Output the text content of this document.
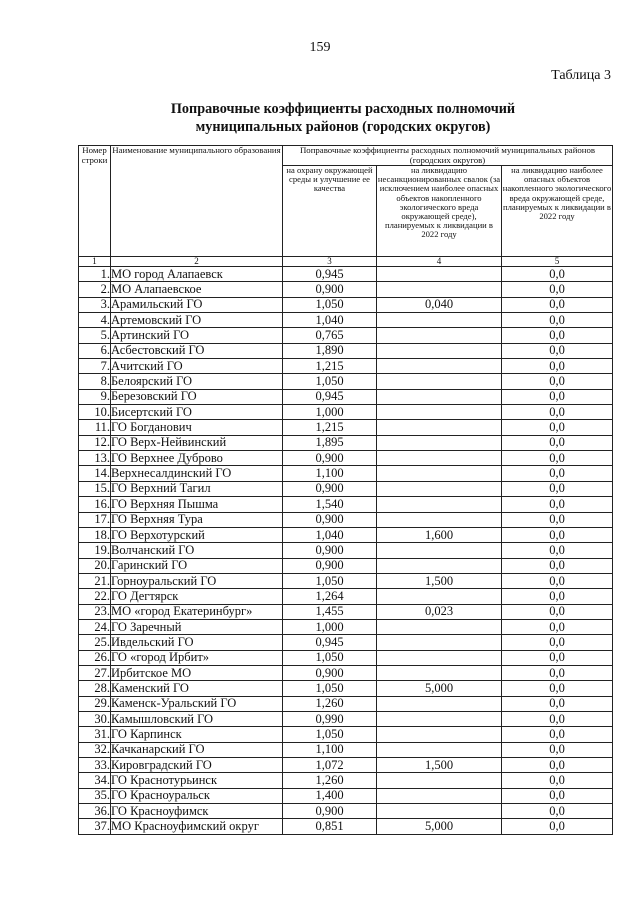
159
Таблица 3
Поправочные коэффициенты расходных полномочий
муниципальных районов (городских округов)
Номер строки	Наименование муниципального образования	Поправочные коэффициенты расходных полномочий муниципальных районов (городских округов)		
		на охрану окружающей среды и улучшение ее качества	на ликвидацию несанкционированных свалок (за исключением наиболее опасных объектов накопленного экологического вреда окружающей среде), планируемых к ликвидации в 2022 году	на ликвидацию наиболее опасных объектов накопленного экологического вреда окружающей среде, планируемых к ликвидации в 2022 году
1	2	3	4	5
1.	МО город Алапаевск	0,945		0,0
2.	МО Алапаевское	0,900		0,0
3.	Арамильский ГО	1,050	0,040	0,0
4.	Артемовский ГО	1,040		0,0
5.	Артинский ГО	0,765		0,0
6.	Асбестовский ГО	1,890		0,0
7.	Ачитский ГО	1,215		0,0
8.	Белоярский ГО	1,050		0,0
9.	Березовский ГО	0,945		0,0
10.	Бисертский ГО	1,000		0,0
11.	ГО Богданович	1,215		0,0
12.	ГО Верх-Нейвинский	1,895		0,0
13.	ГО Верхнее Дуброво	0,900		0,0
14.	Верхнесалдинский ГО	1,100		0,0
15.	ГО Верхний Тагил	0,900		0,0
16.	ГО Верхняя Пышма	1,540		0,0
17.	ГО Верхняя Тура	0,900		0,0
18.	ГО Верхотурский	1,040	1,600	0,0
19.	Волчанский ГО	0,900		0,0
20.	Гаринский ГО	0,900		0,0
21.	Горноуральский ГО	1,050	1,500	0,0
22.	ГО Дегтярск	1,264		0,0
23.	МО «город Екатеринбург»	1,455	0,023	0,0
24.	ГО Заречный	1,000		0,0
25.	Ивдельский ГО	0,945		0,0
26.	ГО «город Ирбит»	1,050		0,0
27.	Ирбитское МО	0,900		0,0
28.	Каменский ГО	1,050	5,000	0,0
29.	Каменск-Уральский ГО	1,260		0,0
30.	Камышловский ГО	0,990		0,0
31.	ГО Карпинск	1,050		0,0
32.	Качканарский ГО	1,100		0,0
33.	Кировградский ГО	1,072	1,500	0,0
34.	ГО Краснотурьинск	1,260		0,0
35.	ГО Красноуральск	1,400		0,0
36.	ГО Красноуфимск	0,900		0,0
37.	МО Красноуфимский округ	0,851	5,000	0,0
